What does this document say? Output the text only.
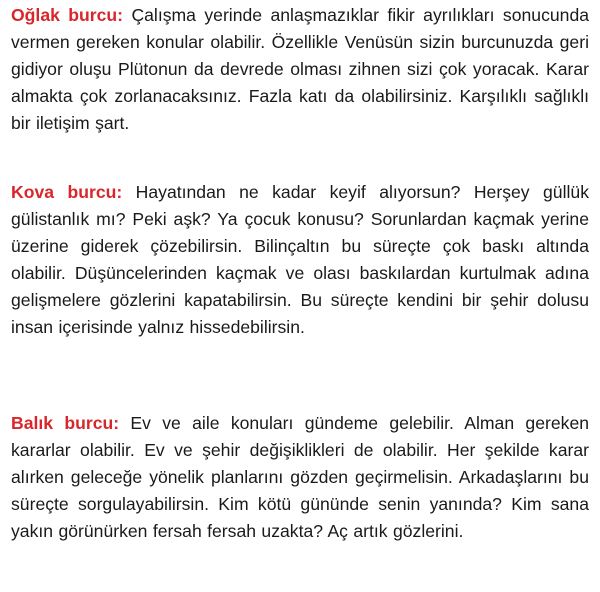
Oğlak burcu: Çalışma yerinde anlaşmazıklar fikir ayrılıkları sonucunda vermen gereken konular olabilir. Özellikle Venüsün sizin burcunuzda geri gidiyor oluşu Plütonun da devrede olması zihnen sizi çok yoracak. Karar almakta çok zorlanacaksınız. Fazla katı da olabilirsiniz. Karşılıklı sağlıklı bir iletişim şart.

Kova burcu: Hayatından ne kadar keyif alıyorsun? Herşey güllük gülistanlık mı? Peki aşk? Ya çocuk konusu? Sorunlardan kaçmak yerine üzerine giderek çözebilirsin. Bilinçaltın bu süreçte çok baskı altında olabilir. Düşüncelerinden kaçmak ve olası baskılardan kurtulmak adına gelişmelere gözlerini kapatabilirsin. Bu süreçte kendini bir şehir dolusu insan içerisinde yalnız hissedebilirsin.

Balık burcu: Ev ve aile konuları gündeme gelebilir. Alman gereken kararlar olabilir. Ev ve şehir değişiklikleri de olabilir. Her şekilde karar alırken geleceğe yönelik planlarını gözden geçirmelisin. Arkadaşlarını bu süreçte sorgulayabilirsin. Kim kötü gününde senin yanında? Kim sana yakın görünürken fersah fersah uzakta? Aç artık gözlerini.
